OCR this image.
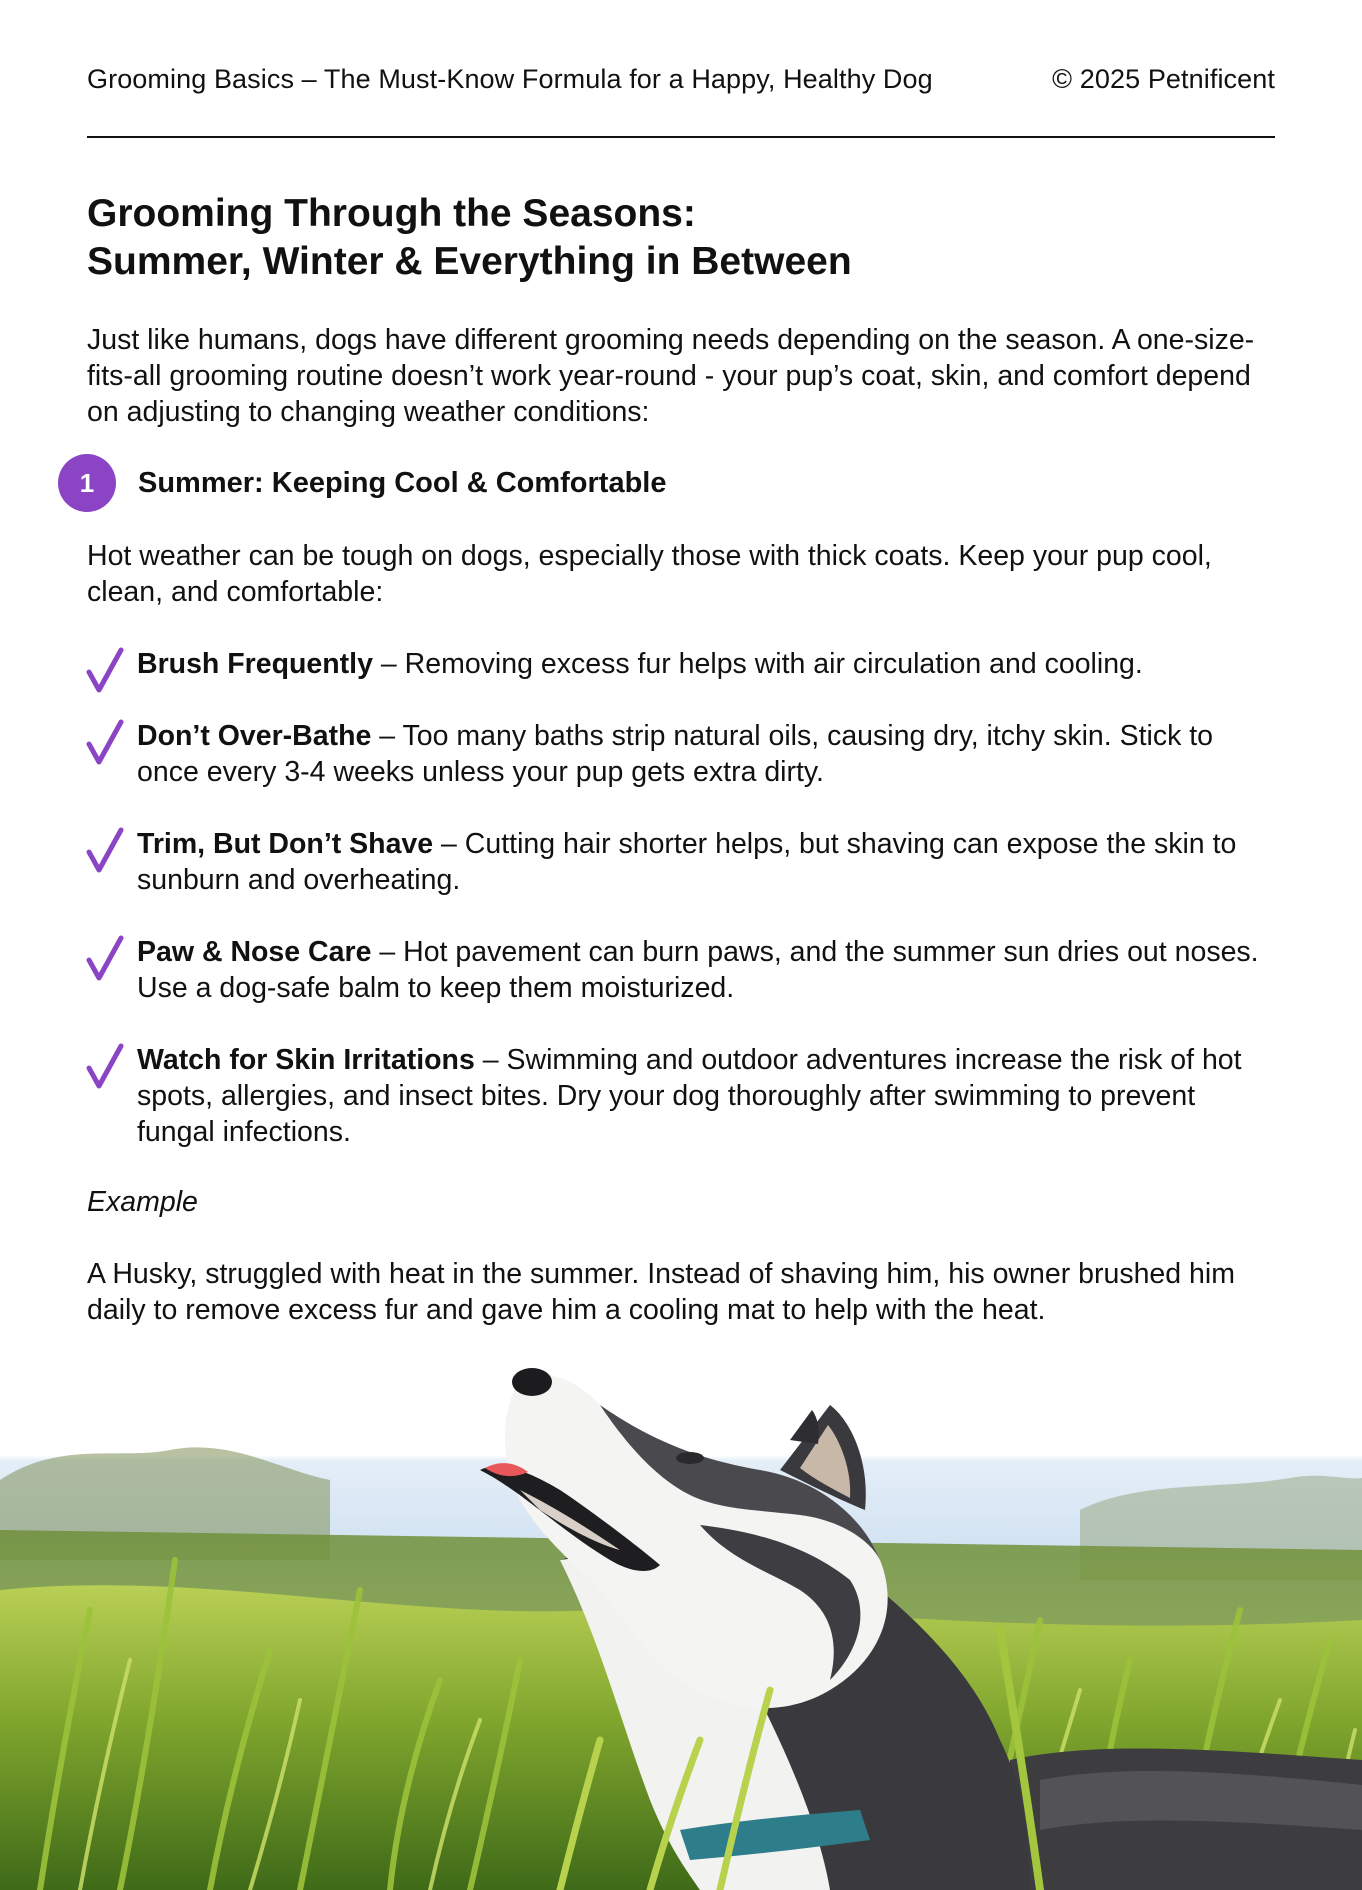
Grooming Basics – The Must-Know Formula for a Happy, Healthy Dog	© 2025 Petnificent
Grooming Through the Seasons:
Summer, Winter & Everything in Between

Just like humans, dogs have different grooming needs depending on the season. A one-size-fits-all grooming routine doesn’t work year-round - your pup’s coat, skin, and comfort depend on adjusting to changing weather conditions:

1	Summer: Keeping Cool & Comfortable

Hot weather can be tough on dogs, especially those with thick coats. Keep your pup cool, clean, and comfortable:

Brush Frequently – Removing excess fur helps with air circulation and cooling.
Don’t Over-Bathe – Too many baths strip natural oils, causing dry, itchy skin. Stick to once every 3-4 weeks unless your pup gets extra dirty.
Trim, But Don’t Shave – Cutting hair shorter helps, but shaving can expose the skin to sunburn and overheating.
Paw & Nose Care – Hot pavement can burn paws, and the summer sun dries out noses. Use a dog-safe balm to keep them moisturized.
Watch for Skin Irritations – Swimming and outdoor adventures increase the risk of hot spots, allergies, and insect bites. Dry your dog thoroughly after swimming to prevent fungal infections.

Example

A Husky, struggled with heat in the summer. Instead of shaving him, his owner brushed him daily to remove excess fur and gave him a cooling mat to help with the heat.
